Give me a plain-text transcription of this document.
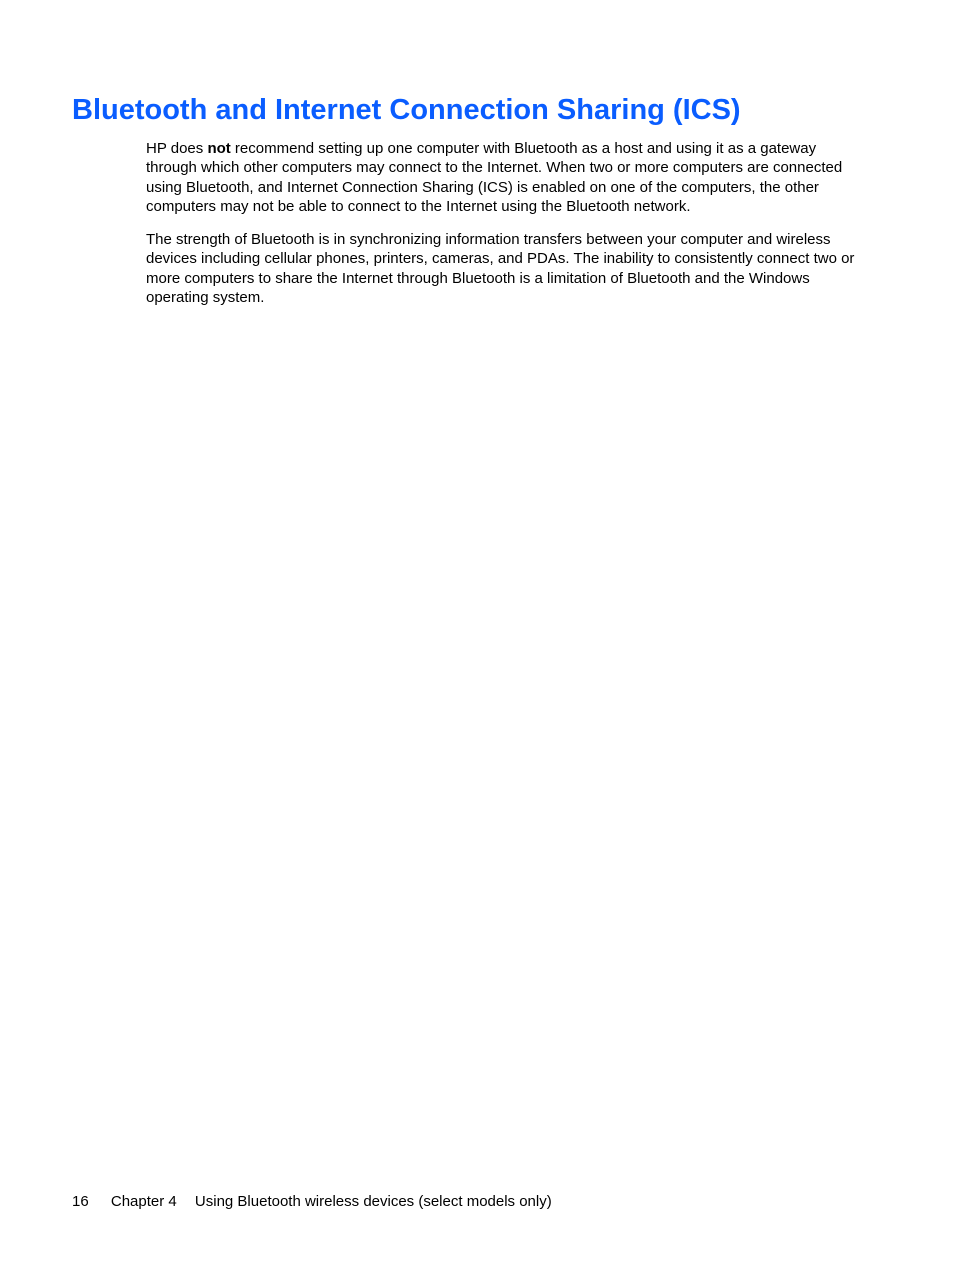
Bluetooth and Internet Connection Sharing (ICS)

HP does not recommend setting up one computer with Bluetooth as a host and using it as a gateway through which other computers may connect to the Internet. When two or more computers are connected using Bluetooth, and Internet Connection Sharing (ICS) is enabled on one of the computers, the other computers may not be able to connect to the Internet using the Bluetooth network.

The strength of Bluetooth is in synchronizing information transfers between your computer and wireless devices including cellular phones, printers, cameras, and PDAs. The inability to consistently connect two or more computers to share the Internet through Bluetooth is a limitation of Bluetooth and the Windows operating system.

16 Chapter 4 Using Bluetooth wireless devices (select models only)
